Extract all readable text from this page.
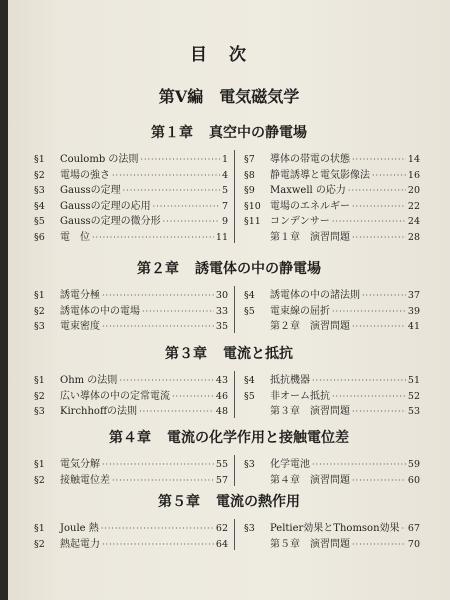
目次
第Ⅴ編　電気磁気学
第１章 真空中の静電場
§1	Coulomb の法則 ·····	1
§2	電場の強さ ·····	4
§3	Gaussの定理 ·····	5
§4	Gaussの定理の応用 ·····	7
§5	Gaussの定理の微分形 ·····	9
§6	電　位 ·····	11
§7	導体の帯電の状態 ·····	14
§8	静電誘導と電気影像法 ·····	16
§9	Maxwell の応力 ·····	20
§10 電場のエネルギー ·····	22
§11 コンデンサー ·····	24
第１章　演習問題 ·····	28
第２章 誘電体の中の静電場
§1	誘電分極 ·····	30
§2	誘電体の中の電場 ·····	33
§3	電束密度 ·····	35
§4	誘電体の中の諸法則 ·····	37
§5	電束線の屈折 ·····	39
第２章　演習問題 ·····	41
第３章 電流と抵抗
§1	Ohm の法則 ·····	43
§2	広い導体の中の定常電流 ·····	46
§3	Kirchhoffの法則 ·····	48
§4	抵抗機器 ·····	51
§5	非オーム抵抗 ·····	52
第３章　演習問題 ·····	53
第４章 電流の化学作用と接触電位差
§1	電気分解 ·····	55
§2	接触電位差 ·····	57
§3	化学電池 ·····	59
第４章　演習問題 ·····	60
第５章 電流の熱作用
§1	Joule 熱 ·····	62
§2	熱起電力 ·····	64
§3	Peltier効果とThomson効果 ····· 67
第５章　演習問題 ·····	70
